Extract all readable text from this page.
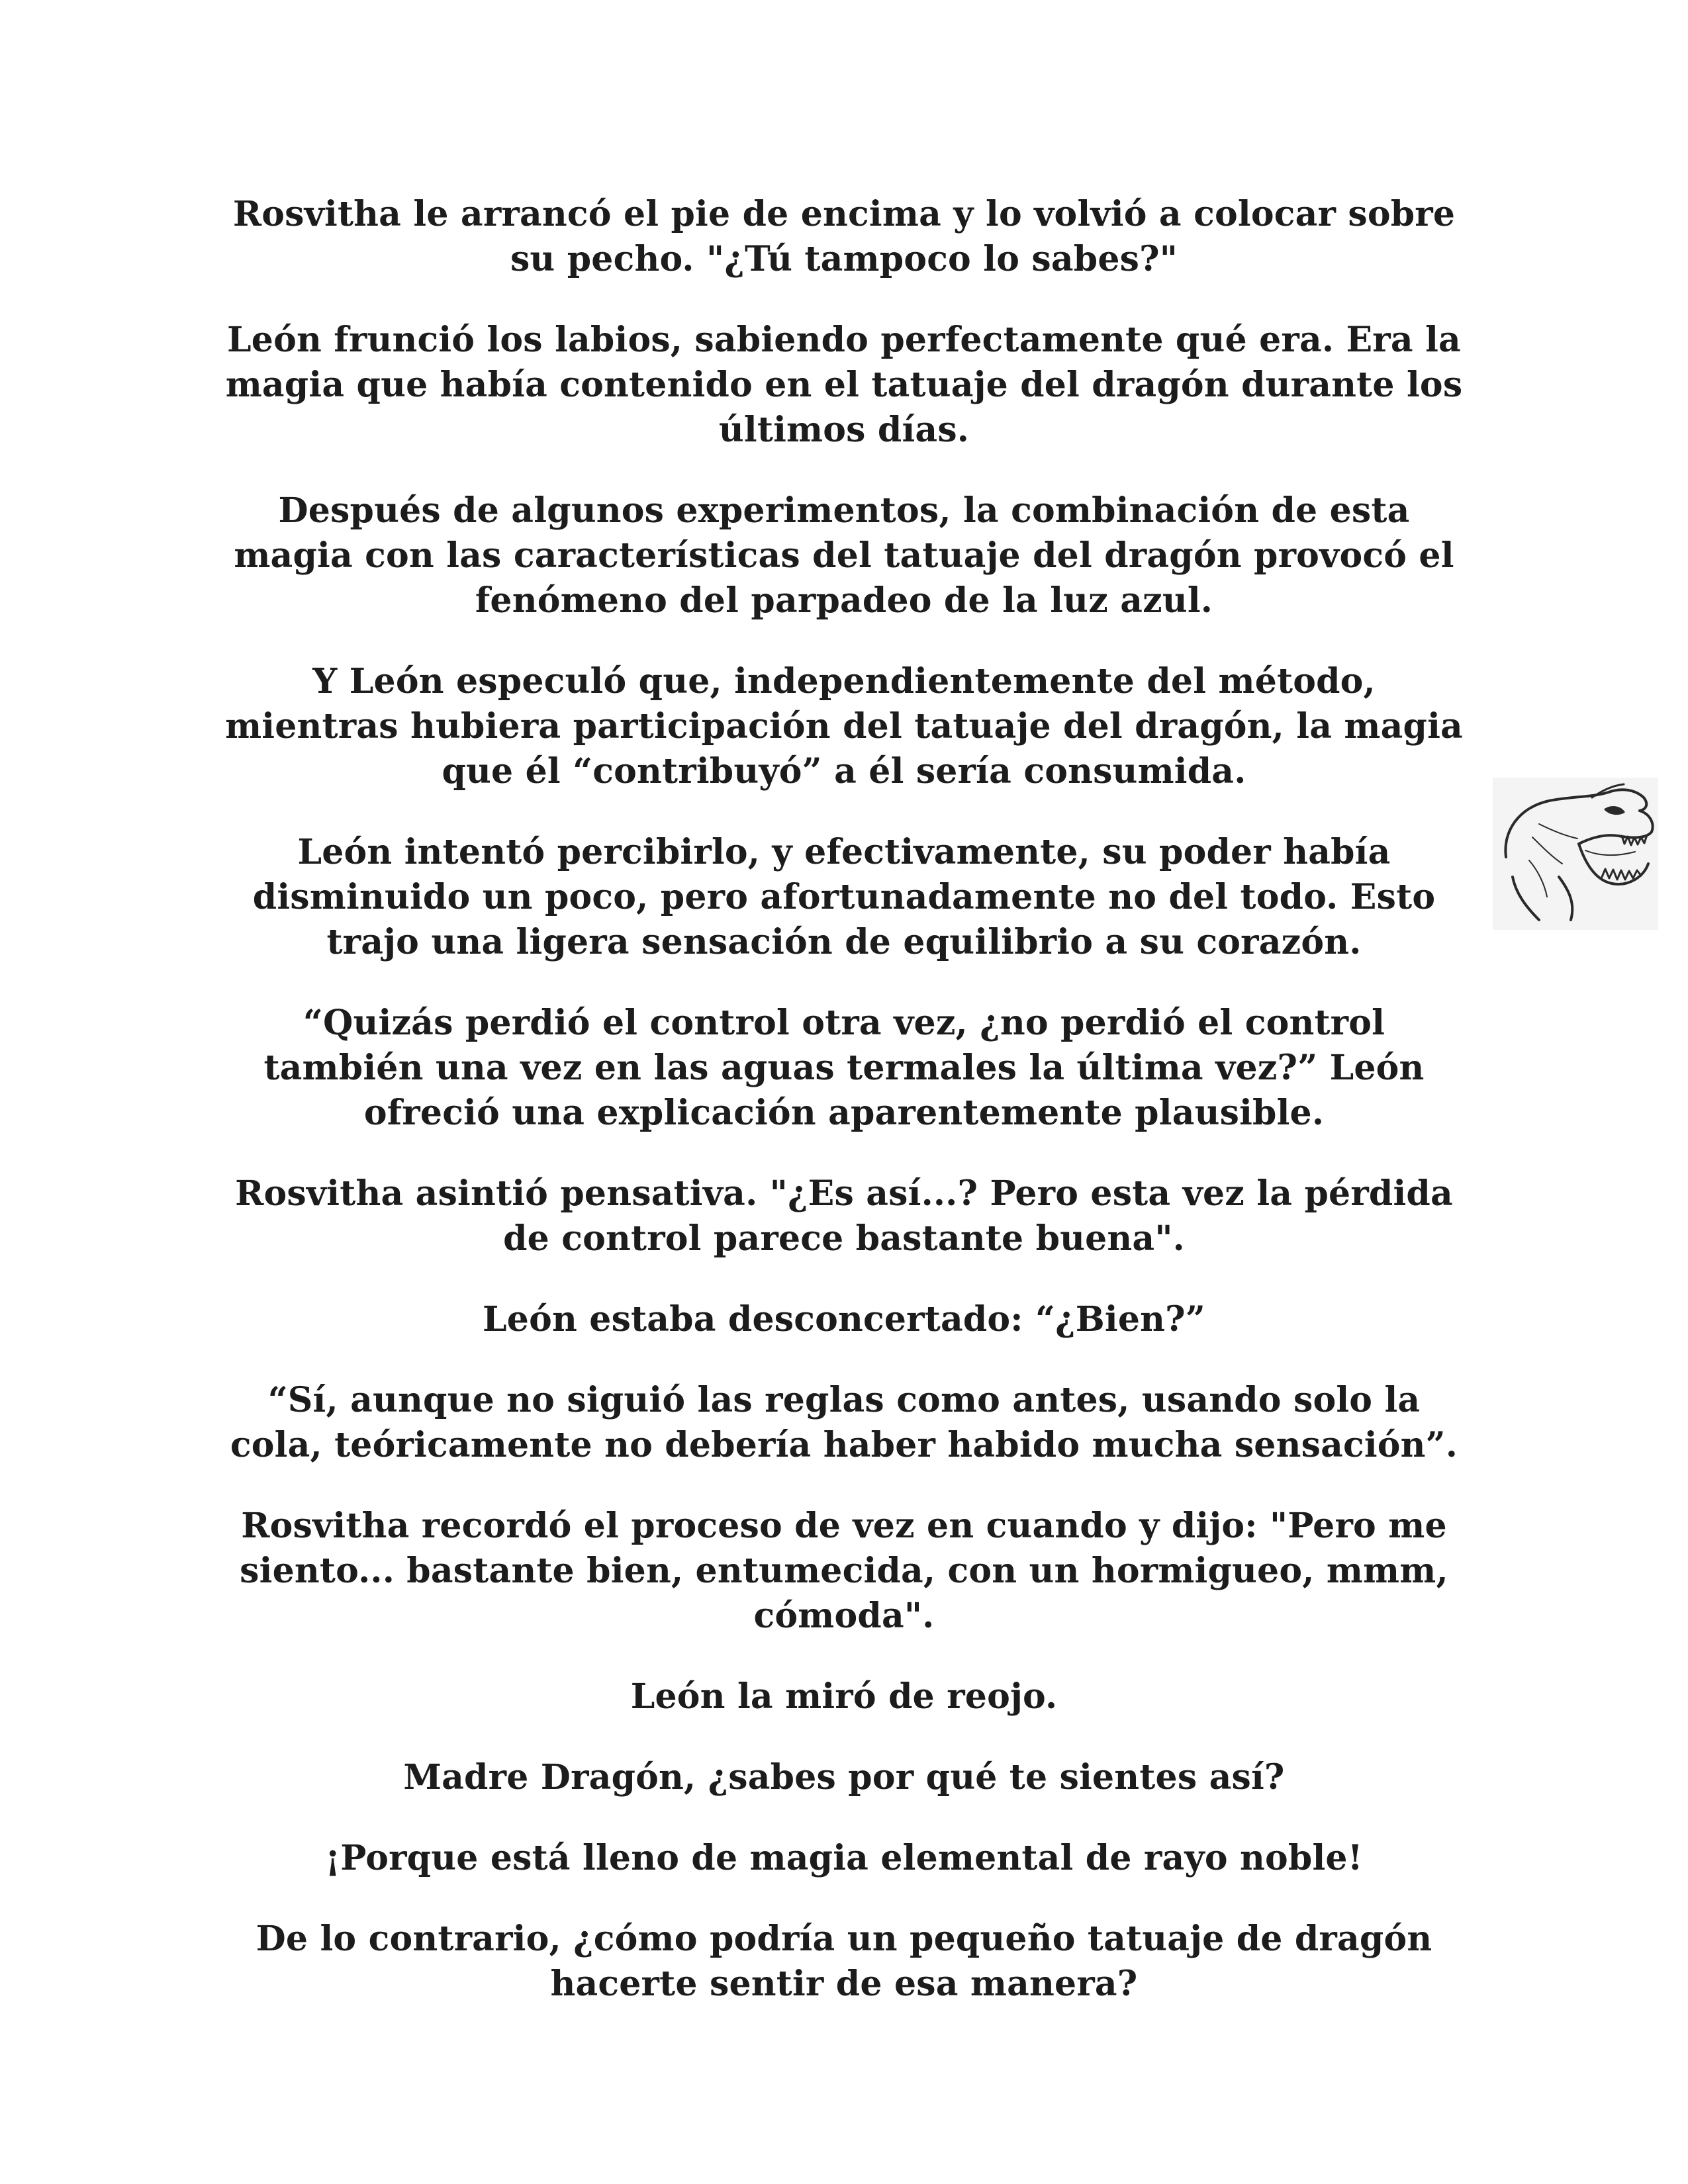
Rosvitha le arrancó el pie de encima y lo volvió a colocar sobre su pecho. "¿Tú tampoco lo sabes?"

León frunció los labios, sabiendo perfectamente qué era. Era la magia que había contenido en el tatuaje del dragón durante los últimos días.

Después de algunos experimentos, la combinación de esta magia con las características del tatuaje del dragón provocó el fenómeno del parpadeo de la luz azul.

Y León especuló que, independientemente del método, mientras hubiera participación del tatuaje del dragón, la magia que él “contribuyó” a él sería consumida.

León intentó percibirlo, y efectivamente, su poder había disminuido un poco, pero afortunadamente no del todo. Esto trajo una ligera sensación de equilibrio a su corazón.

“Quizás perdió el control otra vez, ¿no perdió el control también una vez en las aguas termales la última vez?” León ofreció una explicación aparentemente plausible.

Rosvitha asintió pensativa. "¿Es así...? Pero esta vez la pérdida de control parece bastante buena".

León estaba desconcertado: “¿Bien?”

“Sí, aunque no siguió las reglas como antes, usando solo la cola, teóricamente no debería haber habido mucha sensación”.

Rosvitha recordó el proceso de vez en cuando y dijo: "Pero me siento... bastante bien, entumecida, con un hormigueo, mmm, cómoda".

León la miró de reojo.

Madre Dragón, ¿sabes por qué te sientes así?

¡Porque está lleno de magia elemental de rayo noble!

De lo contrario, ¿cómo podría un pequeño tatuaje de dragón hacerte sentir de esa manera?
